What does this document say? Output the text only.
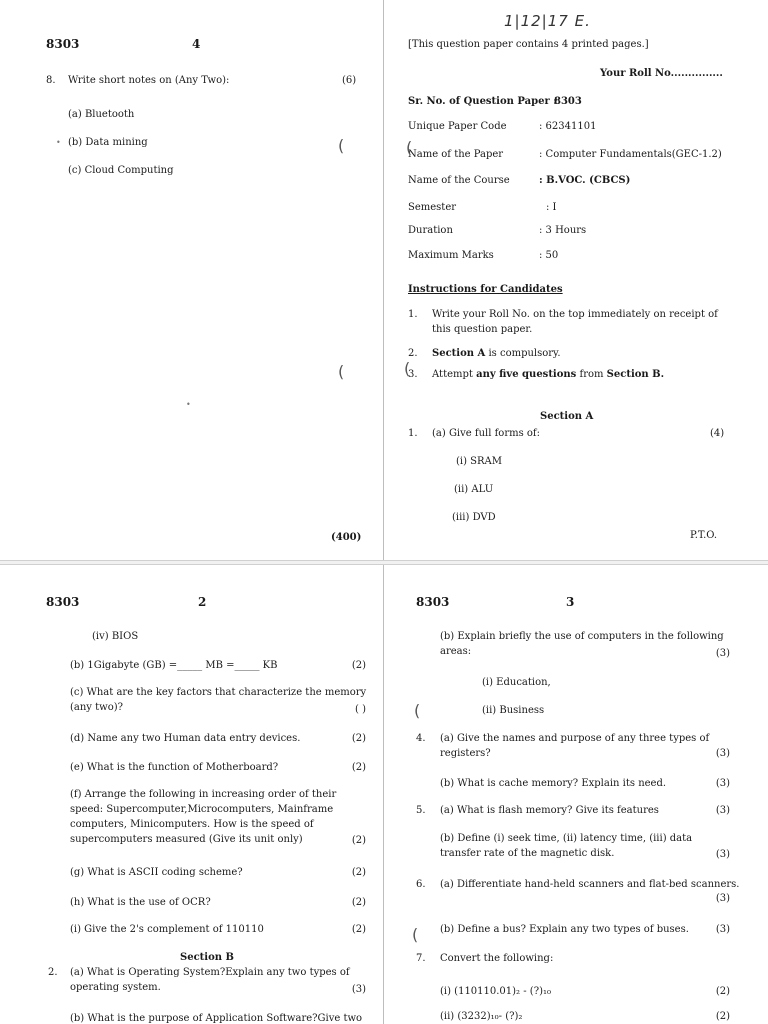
8303	4
8. Write short notes on (Any Two):	(6)
(a) Bluetooth
(b) Data mining
(c) Cloud Computing
(400)
(
(
•
•
1|12|17 E.
[This question paper contains 4 printed pages.]
Your Roll No...............
Sr. No. of Question Paper :
8303
Unique Paper Code	: 62341101
Name of the Paper	: Computer Fundamentals(GEC-1.2)
Name of the Course	: B.VOC. (CBCS)
Semester	: I
Duration	: 3 Hours
Maximum Marks	: 50
Instructions for Candidates
1. Write your Roll No. on the top immediately on receipt of this question paper.
2. Section A is compulsory.
3. Attempt any five questions from Section B.
Section A
1. (a) Give full forms of:	(4)
(i) SRAM
(ii) ALU
(iii) DVD
P.T.O.
(
(
8303	2
(iv) BIOS
(b) 1Gigabyte (GB) =_____ MB =_____ KB	(2)
(c) What are the key factors that characterize the memory (any two)?	( )
(d) Name any two Human data entry devices.	(2)
(e) What is the function of Motherboard?	(2)
(f) Arrange the following in increasing order of their speed: Supercomputer,Microcomputers, Mainframe computers, Minicomputers. How is the speed of supercomputers measured (Give its unit only)	(2)
(g) What is ASCII coding scheme?	(2)
(h) What is the use of OCR?	(2)
(i) Give the 2's complement of 110110	(2)
Section B
2. (a) What is Operating System?Explain any two types of operating system.	(3)
(b) What is the purpose of Application Software?Give two
8303	3
(b) Explain briefly the use of computers in the following areas:	(3)
(i) Education,
(ii) Business
4. (a) Give the names and purpose of any three types of registers?	(3)
(b) What is cache memory? Explain its need.	(3)
5. (a) What is flash memory? Give its features	(3)
(b) Define (i) seek time, (ii) latency time, (iii) data transfer rate of the magnetic disk.	(3)
6. (a) Differentiate hand-held scanners and flat-bed scanners.
(3)
(b) Define a bus? Explain any two types of buses.	(3)
7. Convert the following:
(i) (110110.01)₂ - (?)₁₀	(2)
(ii) (3232)₁₀- (?)₂	(2)
(
(
